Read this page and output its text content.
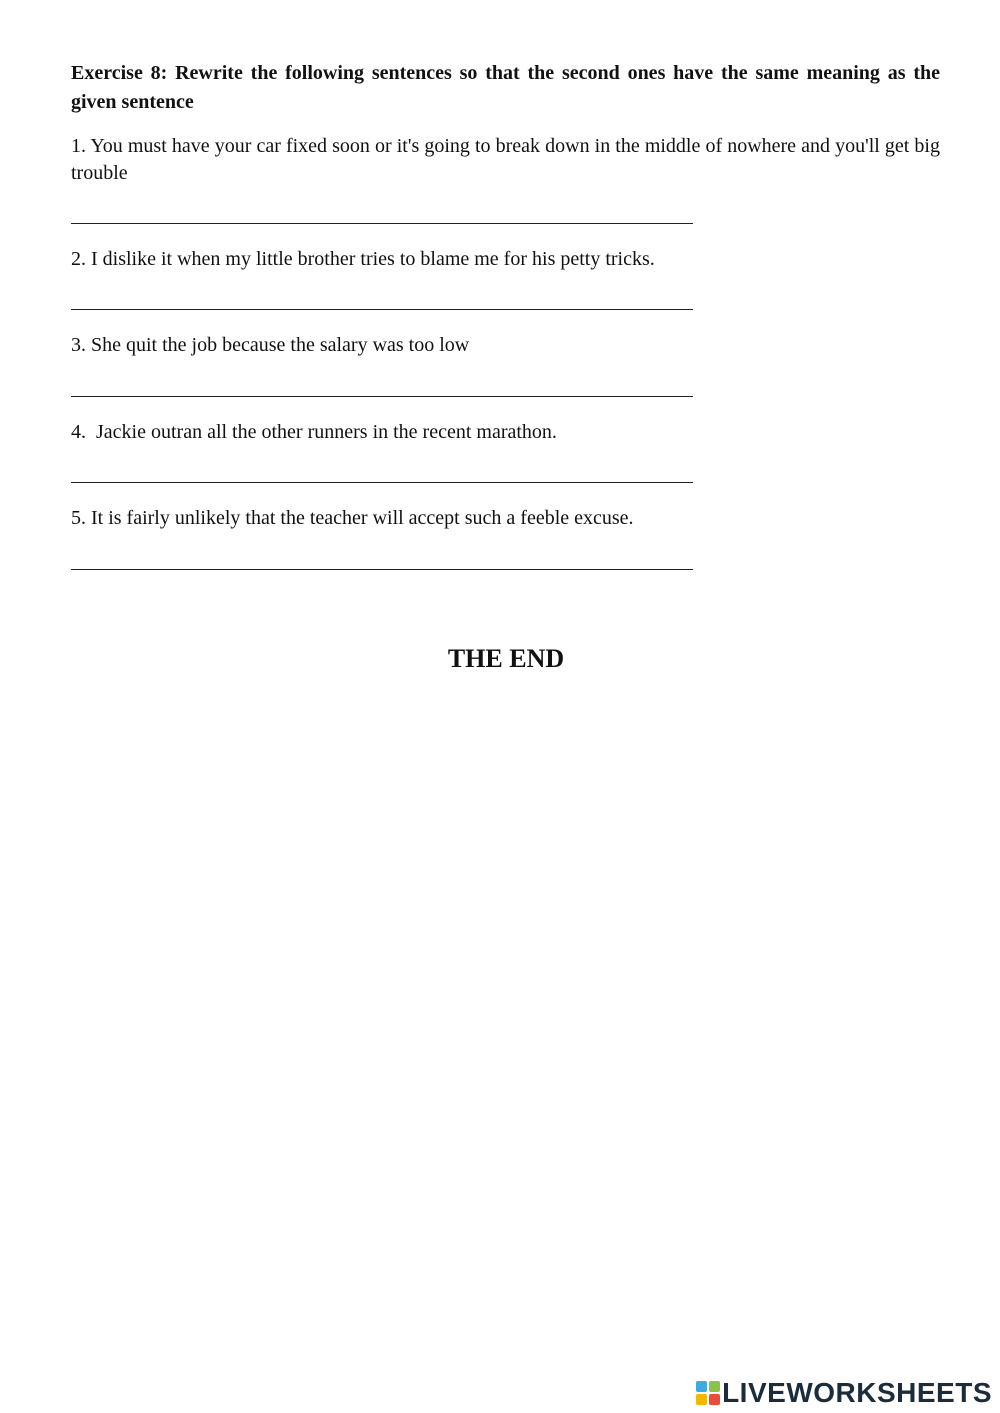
Exercise 8: Rewrite the following sentences so that the second ones have the same meaning as the given sentence
1. You must have your car fixed soon or it's going to break down in the middle of nowhere and you'll get big trouble
2. I dislike it when my little brother tries to blame me for his petty tricks.
3. She quit the job because the salary was too low
4.  Jackie outran all the other runners in the recent marathon.
5. It is fairly unlikely that the teacher will accept such a feeble excuse.
THE END
LIVEWORKSHEETS
